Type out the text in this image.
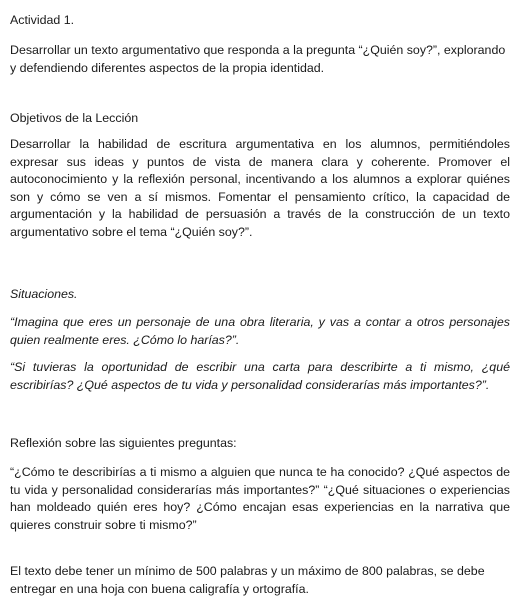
Actividad 1.

Desarrollar un texto argumentativo que responda a la pregunta “¿Quién soy?”, explorando y defendiendo diferentes aspectos de la propia identidad.

Objetivos de la Lección

Desarrollar la habilidad de escritura argumentativa en los alumnos, permitiéndoles expresar sus ideas y puntos de vista de manera clara y coherente. Promover el autoconocimiento y la reflexión personal, incentivando a los alumnos a explorar quiénes son y cómo se ven a sí mismos. Fomentar el pensamiento crítico, la capacidad de argumentación y la habilidad de persuasión a través de la construcción de un texto argumentativo sobre el tema “¿Quién soy?”.

Situaciones.

“Imagina que eres un personaje de una obra literaria, y vas a contar a otros personajes quien realmente eres. ¿Cómo lo harías?”.

“Si tuvieras la oportunidad de escribir una carta para describirte a ti mismo, ¿qué escribirías? ¿Qué aspectos de tu vida y personalidad considerarías más importantes?”.

Reflexión sobre las siguientes preguntas:

“¿Cómo te describirías a ti mismo a alguien que nunca te ha conocido? ¿Qué aspectos de tu vida y personalidad considerarías más importantes?” “¿Qué situaciones o experiencias han moldeado quién eres hoy? ¿Cómo encajan esas experiencias en la narrativa que quieres construir sobre ti mismo?”

El texto debe tener un mínimo de 500 palabras y un máximo de 800 palabras, se debe entregar en una hoja con buena caligrafía y ortografía.
